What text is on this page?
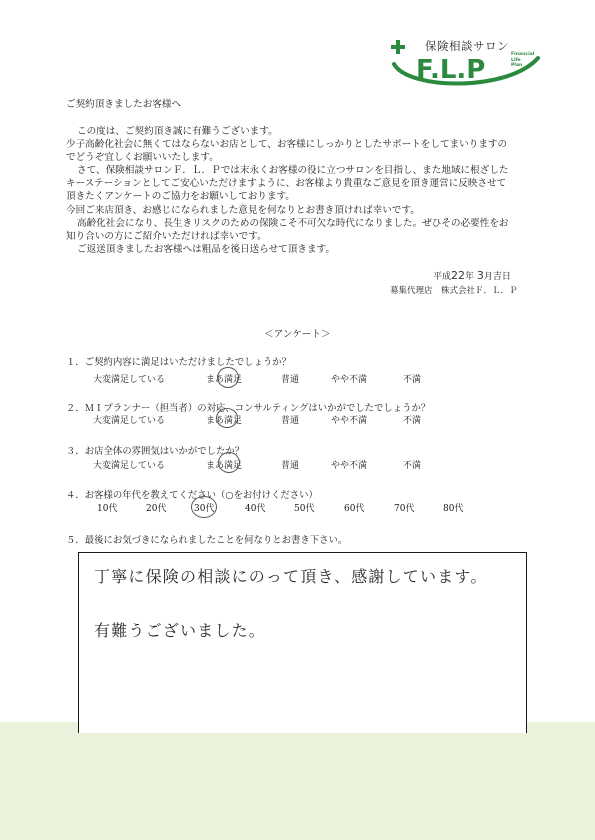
F.L.P
保険相談サロン
Financial
Life
Plan
ご契約頂きましたお客様へ
この度は、ご契約頂き誠に有難うございます。
少子高齢化社会に無くてはならないお店として、お客様にしっかりとしたサポートをしてまいりますの
でどうぞ宜しくお願いいたします。
さて、保険相談サロンＦ．Ｌ．Ｐでは末永くお客様の役に立つサロンを目指し、また地域に根ざした
キーステーションとしてご安心いただけますように、お客様より貴重なご意見を頂き運営に反映させて
頂きたくアンケートのご協力をお願いしております。
今回ご来店頂き、お感じになられました意見を何なりとお書き頂ければ幸いです。
高齢化社会になり、長生きリスクのための保険こそ不可欠な時代になりました。ぜひその必要性をお
知り合いの方にご紹介いただければ幸いです。
ご返送頂きましたお客様へは粗品を後日送らせて頂きます。
平成22年 3月吉日
募集代理店　株式会社Ｆ．Ｌ．Ｐ
＜アンケート＞
１．ご契約内容に満足はいただけましたでしょうか？
大変満足している	まあ満足	普通	やや不満	不満
２．ＭＩプランナー（担当者）の対応、コンサルティングはいかがでしたでしょうか？
大変満足している	まあ満足	普通	やや不満	不満
３．お店全体の雰囲気はいかがでしたか？
大変満足している	まあ満足	普通	やや不満	不満
４．お客様の年代を教えてください（○をお付けください）
10代	20代	30代	40代	50代	60代	70代	80代
５．最後にお気づきになられましたことを何なりとお書き下さい。
丁寧に保険の相談にのって頂き、感謝しています。
有難うございました。
